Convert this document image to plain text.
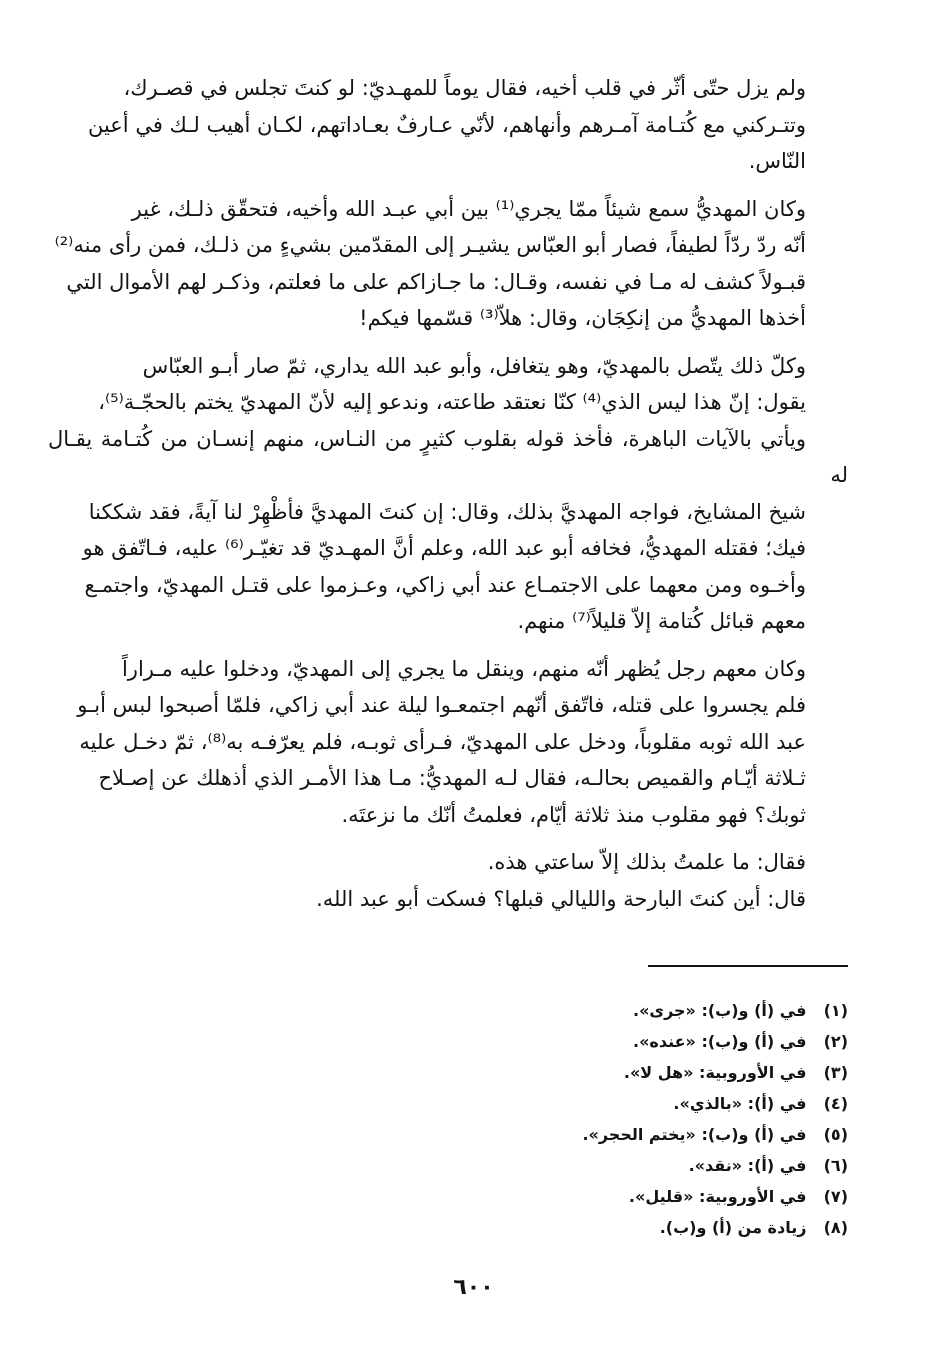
ولم يزل حتّى أثّر في قلب أخيه، فقال يوماً للمهـديّ: لو كنتَ تجلس في قصـرك،
وتتـركني مع كُتـامة آمـرهم وأنهاهم، لأنّي عـارفٌ بعـاداتهم، لكـان أهيب لـك في أعين
النّاس.
وكان المهديُّ سمع شيئاً ممّا يجري⁽¹⁾ بين أبي عبـد الله وأخيه، فتحقّق ذلـك، غير
أنّه ردّ ردّاً لطيفاً، فصار أبو العبّاس يشيـر إلى المقدّمين بشيءٍ من ذلـك، فمن رأى منه⁽²⁾
قبـولاً كشف له مـا في نفسه، وقـال: ما جـازاكم على ما فعلتم، وذكـر لهم الأموال التي
أخذها المهديُّ من إنكِجَان، وقال: هلاّ⁽³⁾ قسّمها فيكم!
وكلّ ذلك يتّصل بالمهديّ، وهو يتغافل، وأبو عبد الله يداري، ثمّ صار أبـو العبّاس
يقول: إنّ هذا ليس الذي⁽⁴⁾ كنّا نعتقد طاعته، وندعو إليه لأنّ المهديّ يختم بالحجّـة⁽⁵⁾،
ويأتي بالآيات الباهرة، فأخذ قوله بقلوب كثيرٍ من النـاس، منهم إنسـان من كُتـامة يقـال له
شيخ المشايخ، فواجه المهديَّ بذلك، وقال: إن كنتَ المهديَّ فأظْهِرْ لنا آيةً، فقد شككنا
فيك؛ فقتله المهديُّ، فخافه أبو عبد الله، وعلم أنَّ المهـديّ قد تغيّـر⁽⁶⁾ عليه، فـاتّفق هو
وأخـوه ومن معهما على الاجتمـاع عند أبي زاكي، وعـزموا على قتـل المهديّ، واجتمـع
معهم قبائل كُتامة إلاّ قليلاً⁽⁷⁾ منهم.
وكان معهم رجل يُظهر أنّه منهم، وينقل ما يجري إلى المهديّ، ودخلوا عليه مـراراً
فلم يجسروا على قتله، فاتّفق أنّهم اجتمعـوا ليلة عند أبي زاكي، فلمّا أصبحوا لبس أبـو
عبد الله ثوبه مقلوباً، ودخل على المهديّ، فـرأى ثوبـه، فلم يعرّفـه به⁽⁸⁾، ثمّ دخـل عليه
ثـلاثة أيّـام والقميص بحالـه، فقال لـه المهديُّ: مـا هذا الأمـر الذي أذهلك عن إصـلاح
ثوبك؟ فهو مقلوب منذ ثلاثة أيّام، فعلمتُ أنّك ما نزعتَه.

فقال: ما علمتُ بذلك إلاّ ساعتي هذه.

قال: أين كنتَ البارحة والليالي قبلها؟ فسكت أبو عبد الله.

(١) في (أ) و(ب): «جرى».

(٢) في (أ) و(ب): «عنده».

(٣) في الأوروبية: «هل لا».

(٤) في (أ): «بالذي».

(٥) في (أ) و(ب): «يختم الحجر».

(٦) في (أ): «نقد».

(٧) في الأوروبية: «قليل».

(٨) زيادة من (أ) و(ب).

٦٠٠
